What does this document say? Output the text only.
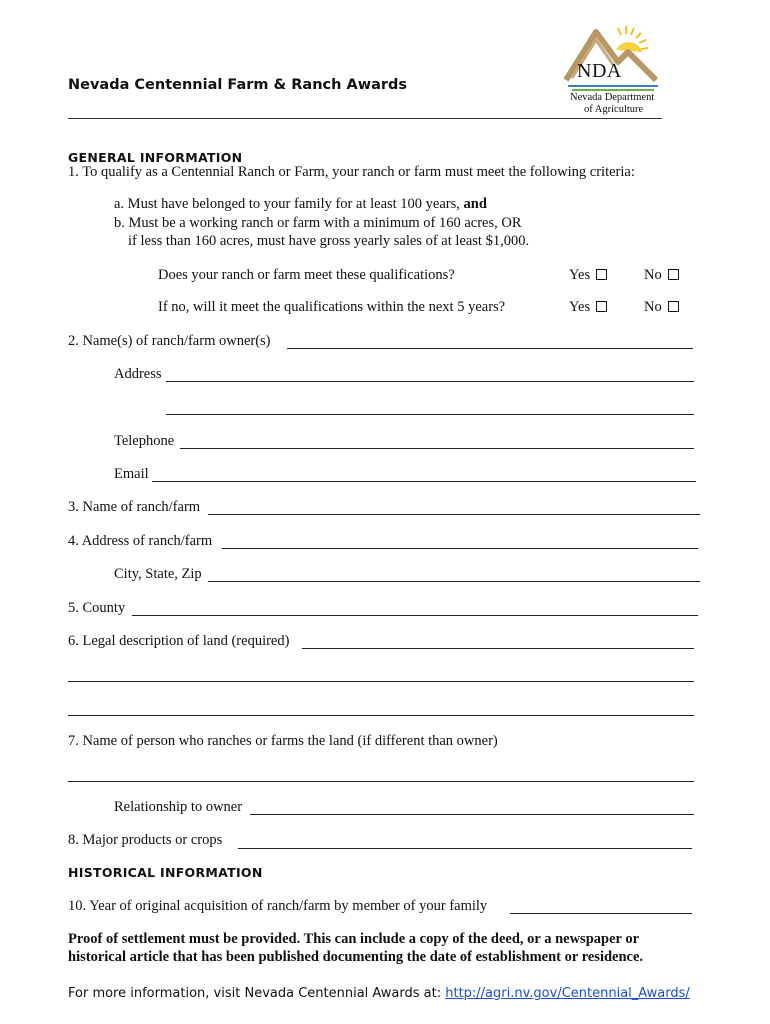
Nevada Centennial Farm & Ranch Awards
NDA
Nevada Department
of Agriculture
GENERAL INFORMATION
1. To qualify as a Centennial Ranch or Farm, your ranch or farm must meet the following criteria:
a. Must have belonged to your family for at least 100 years, and
b. Must be a working ranch or farm with a minimum of 160 acres, OR
if less than 160 acres, must have gross yearly sales of at least $1,000.
Does your ranch or farm meet these qualifications?	Yes	No
If no, will it meet the qualifications within the next 5 years?	Yes	No
2. Name(s) of ranch/farm owner(s)
Address
Telephone
Email
3. Name of ranch/farm
4. Address of ranch/farm
City, State, Zip
5. County
6. Legal description of land (required)
7. Name of person who ranches or farms the land (if different than owner)
Relationship to owner
8. Major products or crops
HISTORICAL INFORMATION
10. Year of original acquisition of ranch/farm by member of your family
Proof of settlement must be provided. This can include a copy of the deed, or a newspaper or
historical article that has been published documenting the date of establishment or residence.
For more information, visit Nevada Centennial Awards at: http://agri.nv.gov/Centennial_Awards/
